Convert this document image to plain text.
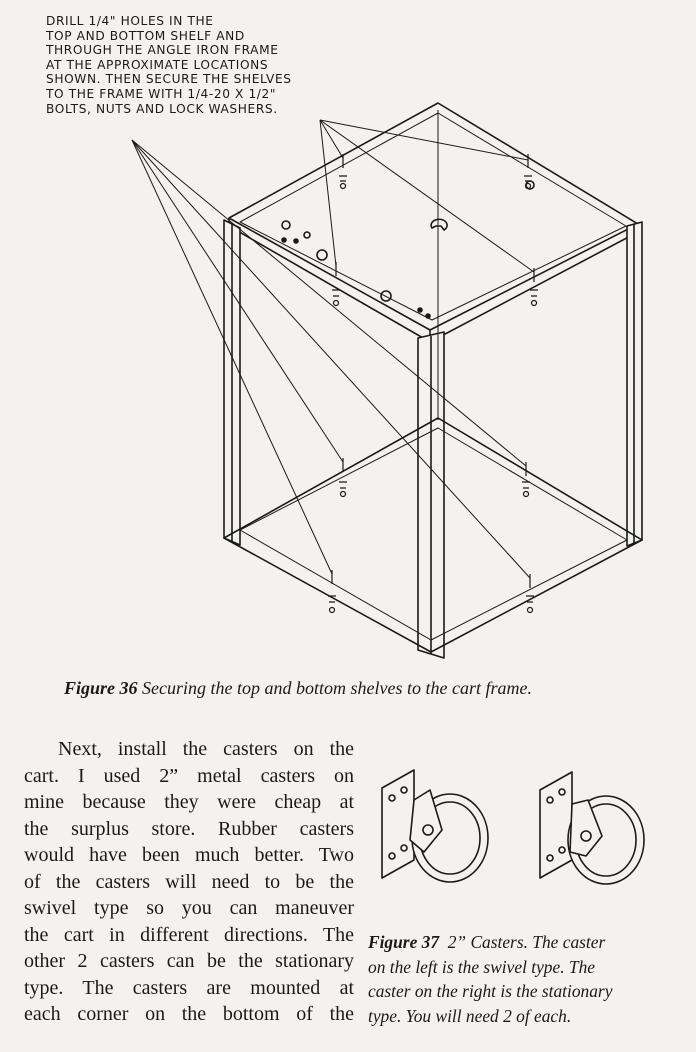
DRILL 1/4" HOLES IN THE
TOP AND BOTTOM SHELF AND
THROUGH THE ANGLE IRON FRAME
AT THE APPROXIMATE LOCATIONS
SHOWN. THEN SECURE THE SHELVES
TO THE FRAME WITH 1/4-20 X 1/2"
BOLTS, NUTS AND LOCK WASHERS.
Figure 36 Securing the top and bottom shelves to the cart frame.
Next, install the casters on the
cart. I used 2” metal casters on
mine because they were cheap at
the surplus store. Rubber casters
would have been much better. Two
of the casters will need to be the
swivel type so you can maneuver
the cart in different directions. The
other 2 casters can be the stationary
type. The casters are mounted at
each corner on the bottom of the
Figure 37 2” Casters. The caster
on the left is the swivel type. The
caster on the right is the stationary
type. You will need 2 of each.
